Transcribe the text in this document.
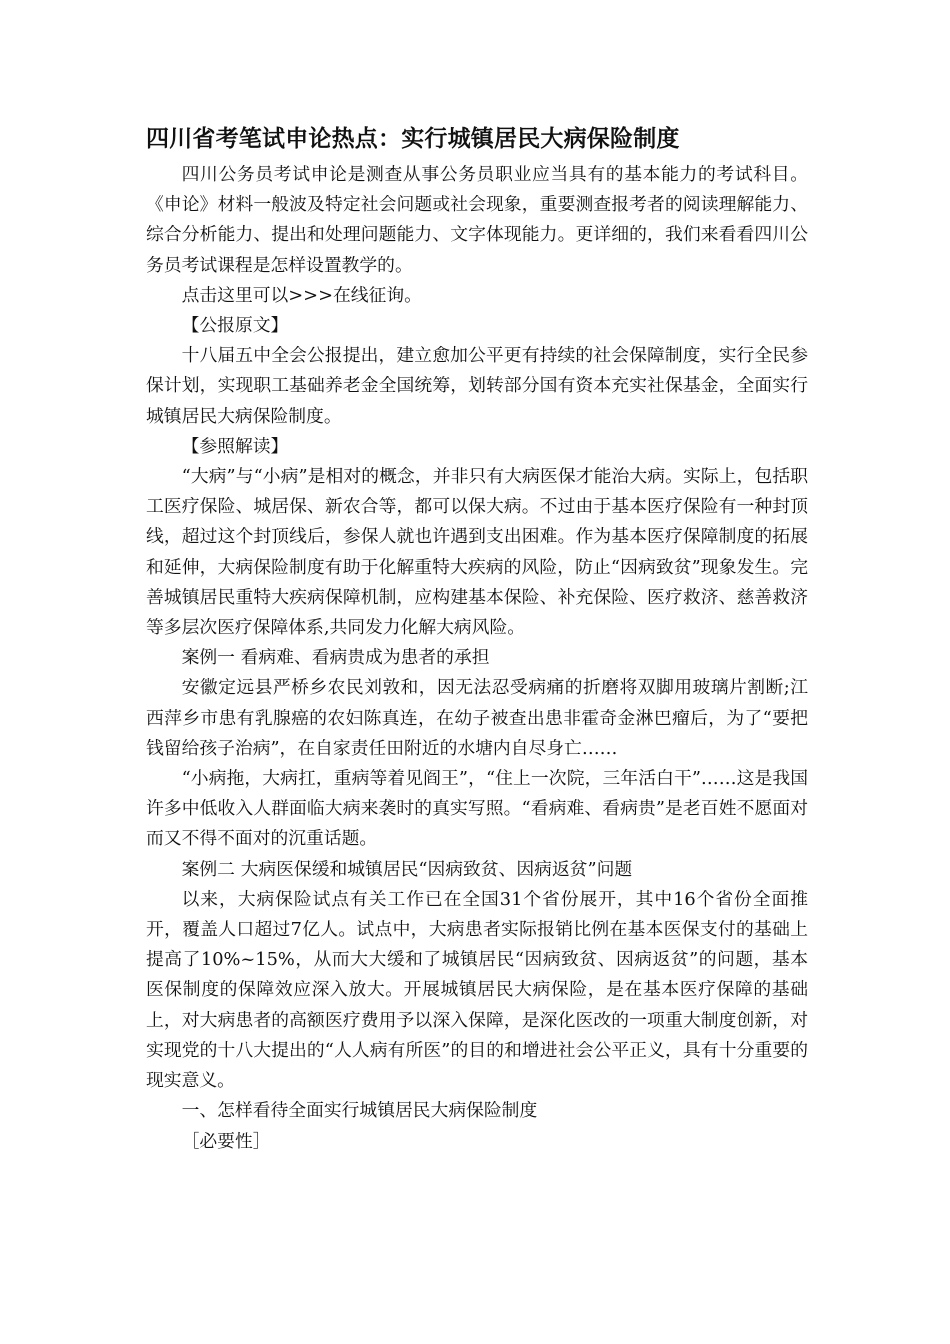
四川省考笔试申论热点：实行城镇居民大病保险制度

四川公务员考试申论是测查从事公务员职业应当具有的基本能力的考试科目。《申论》材料一般波及特定社会问题或社会现象，重要测查报考者的阅读理解能力、综合分析能力、提出和处理问题能力、文字体现能力。更详细的，我们来看看四川公务员考试课程是怎样设置教学的。

点击这里可以>>>在线征询。

【公报原文】

十八届五中全会公报提出，建立愈加公平更有持续的社会保障制度，实行全民参保计划，实现职工基础养老金全国统筹，划转部分国有资本充实社保基金，全面实行城镇居民大病保险制度。

【参照解读】

“大病”与“小病”是相对的概念，并非只有大病医保才能治大病。实际上，包括职工医疗保险、城居保、新农合等，都可以保大病。不过由于基本医疗保险有一种封顶线，超过这个封顶线后，参保人就也许遇到支出困难。作为基本医疗保障制度的拓展和延伸，大病保险制度有助于化解重特大疾病的风险，防止“因病致贫”现象发生。完善城镇居民重特大疾病保障机制，应构建基本保险、补充保险、医疗救济、慈善救济等多层次医疗保障体系,共同发力化解大病风险。

案例一 看病难、看病贵成为患者的承担

安徽定远县严桥乡农民刘敦和，因无法忍受病痛的折磨将双脚用玻璃片割断;江西萍乡市患有乳腺癌的农妇陈真连，在幼子被查出患非霍奇金淋巴瘤后，为了“要把钱留给孩子治病”，在自家责任田附近的水塘内自尽身亡……

“小病拖，大病扛，重病等着见阎王”，“住上一次院，三年活白干”……这是我国许多中低收入人群面临大病来袭时的真实写照。“看病难、看病贵”是老百姓不愿面对而又不得不面对的沉重话题。

案例二 大病医保缓和城镇居民“因病致贫、因病返贫”问题

以来，大病保险试点有关工作已在全国31个省份展开，其中16个省份全面推开，覆盖人口超过7亿人。试点中，大病患者实际报销比例在基本医保支付的基础上提高了10%~15%，从而大大缓和了城镇居民“因病致贫、因病返贫”的问题，基本医保制度的保障效应深入放大。开展城镇居民大病保险，是在基本医疗保障的基础上，对大病患者的高额医疗费用予以深入保障，是深化医改的一项重大制度创新，对实现党的十八大提出的“人人病有所医”的目的和增进社会公平正义，具有十分重要的现实意义。

一、怎样看待全面实行城镇居民大病保险制度

［必要性］
